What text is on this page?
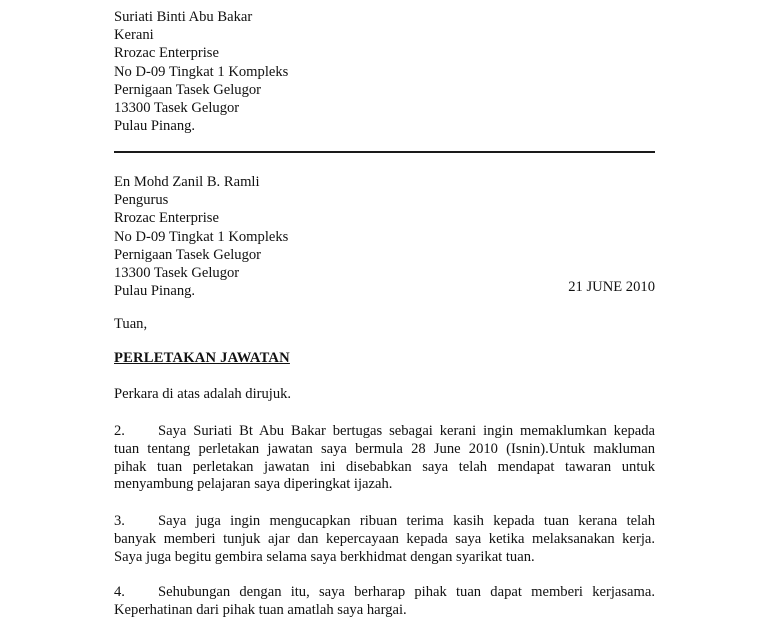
Suriati Binti Abu Bakar
Kerani
Rrozac Enterprise
No D-09 Tingkat 1 Kompleks
Pernigaan Tasek Gelugor
13300 Tasek Gelugor
Pulau Pinang.
En Mohd Zanil B. Ramli
Pengurus
Rrozac Enterprise
No D-09 Tingkat 1 Kompleks
Pernigaan Tasek Gelugor
13300 Tasek Gelugor
Pulau Pinang.	21 JUNE 2010
Tuan,
PERLETAKAN JAWATAN
Perkara di atas adalah dirujuk.
2.	Saya Suriati Bt Abu Bakar bertugas sebagai kerani ingin memaklumkan kepada
tuan tentang perletakan jawatan saya bermula 28 June 2010 (Isnin).Untuk makluman
pihak tuan perletakan jawatan ini disebabkan saya telah mendapat tawaran untuk
menyambung pelajaran saya diperingkat ijazah.
3.	Saya juga ingin mengucapkan ribuan terima kasih kepada tuan kerana telah
banyak memberi tunjuk ajar dan kepercayaan kepada saya ketika melaksanakan kerja.
Saya juga begitu gembira selama saya berkhidmat dengan syarikat tuan.
4.	Sehubungan dengan itu, saya berharap pihak tuan dapat memberi kerjasama.
Keperhatinan dari pihak tuan amatlah saya hargai.
